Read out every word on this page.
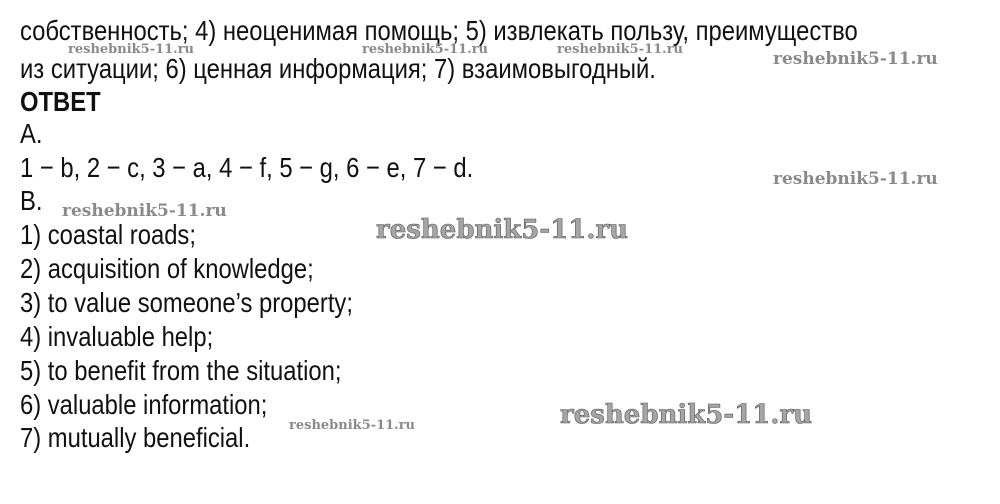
собственность; 4) неоценимая помощь; 5) извлекать пользу, преимущество
из ситуации; 6) ценная информация; 7) взаимовыгодный.
ОТВЕТ
A.
1 − b, 2 − c, 3 − a, 4 − f, 5 − g, 6 − e, 7 − d.
B.
1) coastal roads;
2) acquisition of knowledge;
3) to value someone’s property;
4) invaluable help;
5) to benefit from the situation;
6) valuable information;
7) mutually beneficial.
reshebnik5-11.ru	reshebnik5-11.ru	reshebnik5-11.ru	reshebnik5-11.ru
reshebnik5-11.ru
reshebnik5-11.ru
reshebnik5-11.ru
reshebnik5-11.ru
reshebnik5-11.ru
